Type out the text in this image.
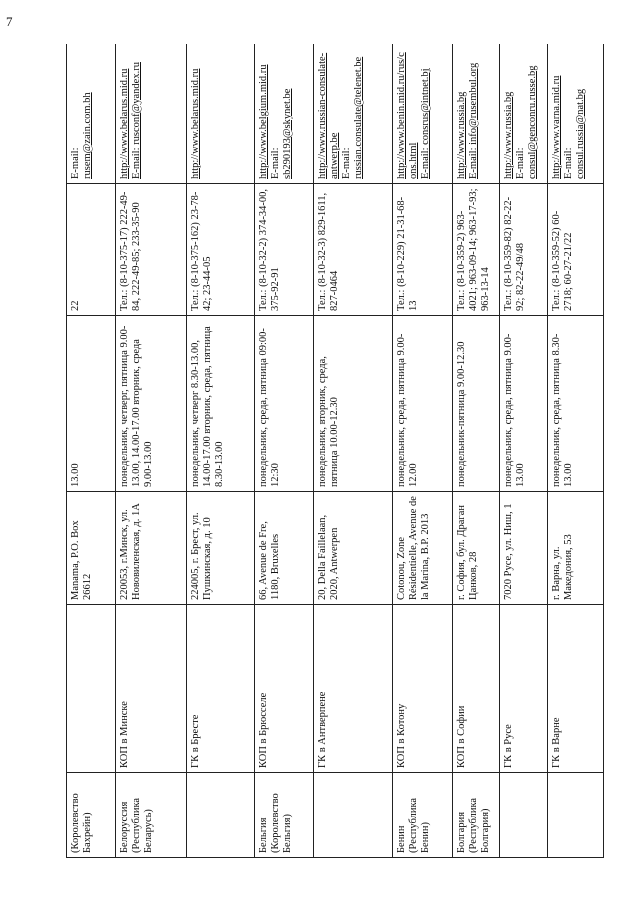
7
(Королевство Бахрейн)		Manama, P.O. Box 26612	13.00	22	E-mail: rusem@zain.com.bh

Белоруссия (Республика Беларусь)	КОП в Минске	220053, г.Минск, ул. Нововиленская, д. 1А	понедельник, четверг, пятница 9.00-13.00, 14.00-17.00 вторник, среда 9.00-13.00	Тел.: (8-10-375-17) 222-49-84, 222-49-85; 233-35-90	http://www.belarus.mid.ru E-mail: rusconf@yandex.ru

	ГК в Бресте	224005, г. Брест, ул. Пушкинская, д. 10	понедельник, четверг 8.30-13.00, 14.00-17.00 вторник, среда, пятница 8.30-13.00	Тел.: (8-10-375-162) 23-78-42; 23-44-05	http://www.belarus.mid.ru

Бельгия (Королевство Бельгия)	КОП в Брюсселе	66, Avenue de Fre, 1180, Bruxelles	понедельник, среда, пятница 09:00-12:30	Тел.: (8-10-32-2) 374-34-00, 375-92-91	http://www.belgium.mid.ru E-mail: sb290193@skynet.be

	ГК в Антверпене	20, Della Faillelaan, 2020, Antwerpen	понедельник, вторник, среда, пятница 10.00-12.30	Тел.: (8-10-32-3) 829-1611, 827-0464	http://www.russian-consulate-antwerp.be E-mail: russian.consulate@telenet.be

Бенин (Республика Бенин)	КОП в Котону	Cotonou, Zone Résidentielle, Avenue de la Marina, B.P. 2013	понедельник, среда, пятница 9.00-12.00	Тел.: (8-10-229) 21-31-68-13	http://www.benin.mid.ru/rus/cons.html E-mail: consrus@intnet.bj

Болгария (Республика Болгария)	КОП в Софии	г. София, бул. Драган Цанков, 28	понедельник-пятница 9.00-12.30	Тел.: (8-10-359-2) 963-4021; 963-09-14; 963-17-93; 963-13-14	http://www.russia.bg E-mail: info@rusembul.org

	ГК в Русе	7020 Русе, ул. Ниш, 1	понедельник, среда, пятница 9.00-13.00	Тел.: (8-10-359-82) 82-22-92; 82-22-49/48	http://www.russia.bg E-mail: consul@genconru.russe.bg

	ГК в Варне	г. Варна, ул. Македония, 53	понедельник, среда, пятница 8.30-13.00	Тел.: (8-10-359-52) 60-2718; 60-27-21/22	http://www.varna.mid.ru E-mail: consul.russia@nat.bg
